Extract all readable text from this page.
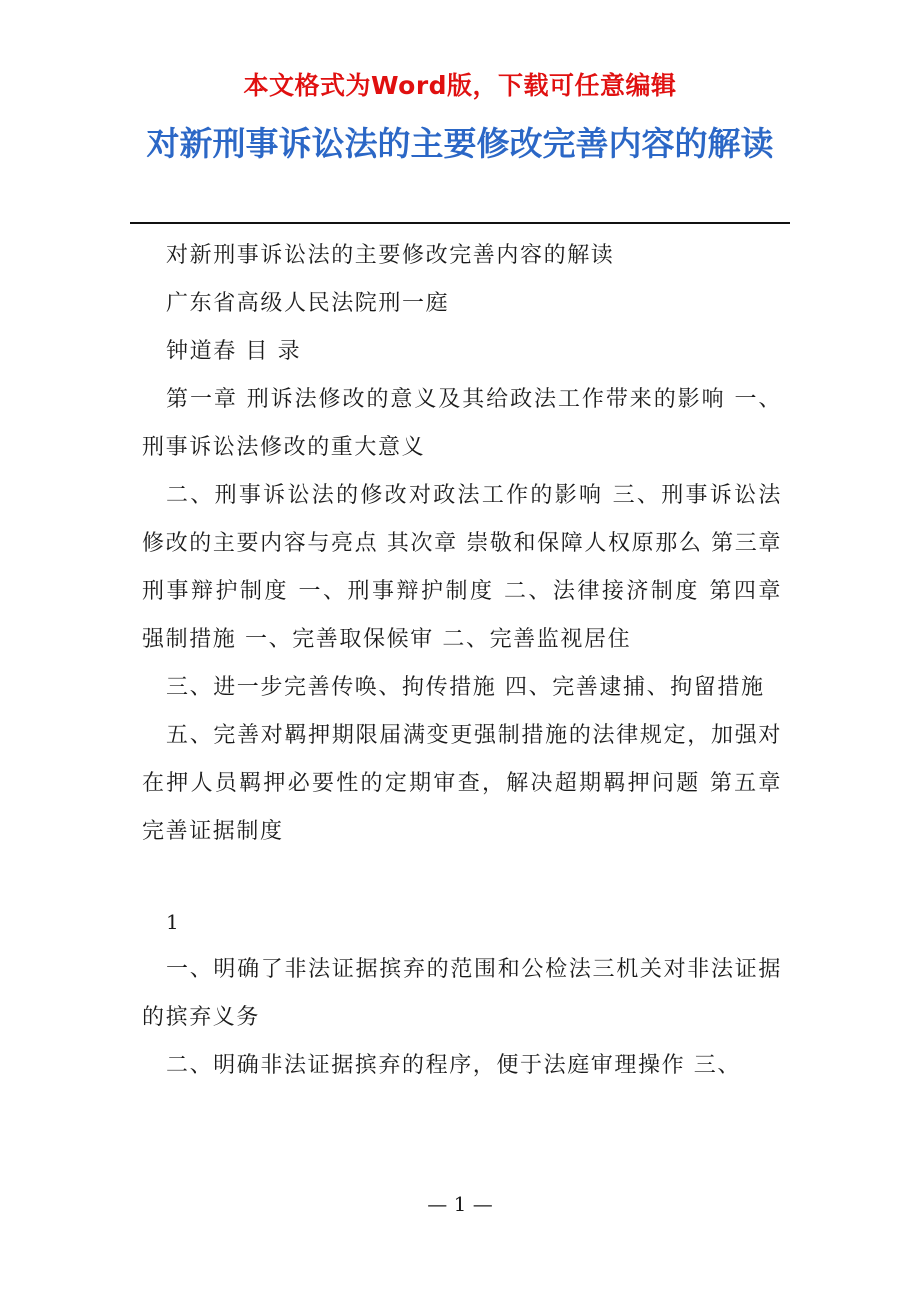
本文格式为Word版，下载可任意编辑
对新刑事诉讼法的主要修改完善内容的解读

对新刑事诉讼法的主要修改完善内容的解读

广东省高级人民法院刑一庭

钟道春 目 录

第一章 刑诉法修改的意义及其给政法工作带来的影响 一、刑事诉讼法修改的重大意义

二、刑事诉讼法的修改对政法工作的影响 三、刑事诉讼法修改的主要内容与亮点 其次章 崇敬和保障人权原那么 第三章 刑事辩护制度 一、刑事辩护制度 二、法律接济制度 第四章 强制措施 一、完善取保候审 二、完善监视居住

三、进一步完善传唤、拘传措施 四、完善逮捕、拘留措施

五、完善对羁押期限届满变更强制措施的法律规定，加强对在押人员羁押必要性的定期审查，解决超期羁押问题 第五章 完善证据制度

1

一、明确了非法证据摈弃的范围和公检法三机关对非法证据的摈弃义务

二、明确非法证据摈弃的程序，便于法庭审理操作 三、

— 1 —
